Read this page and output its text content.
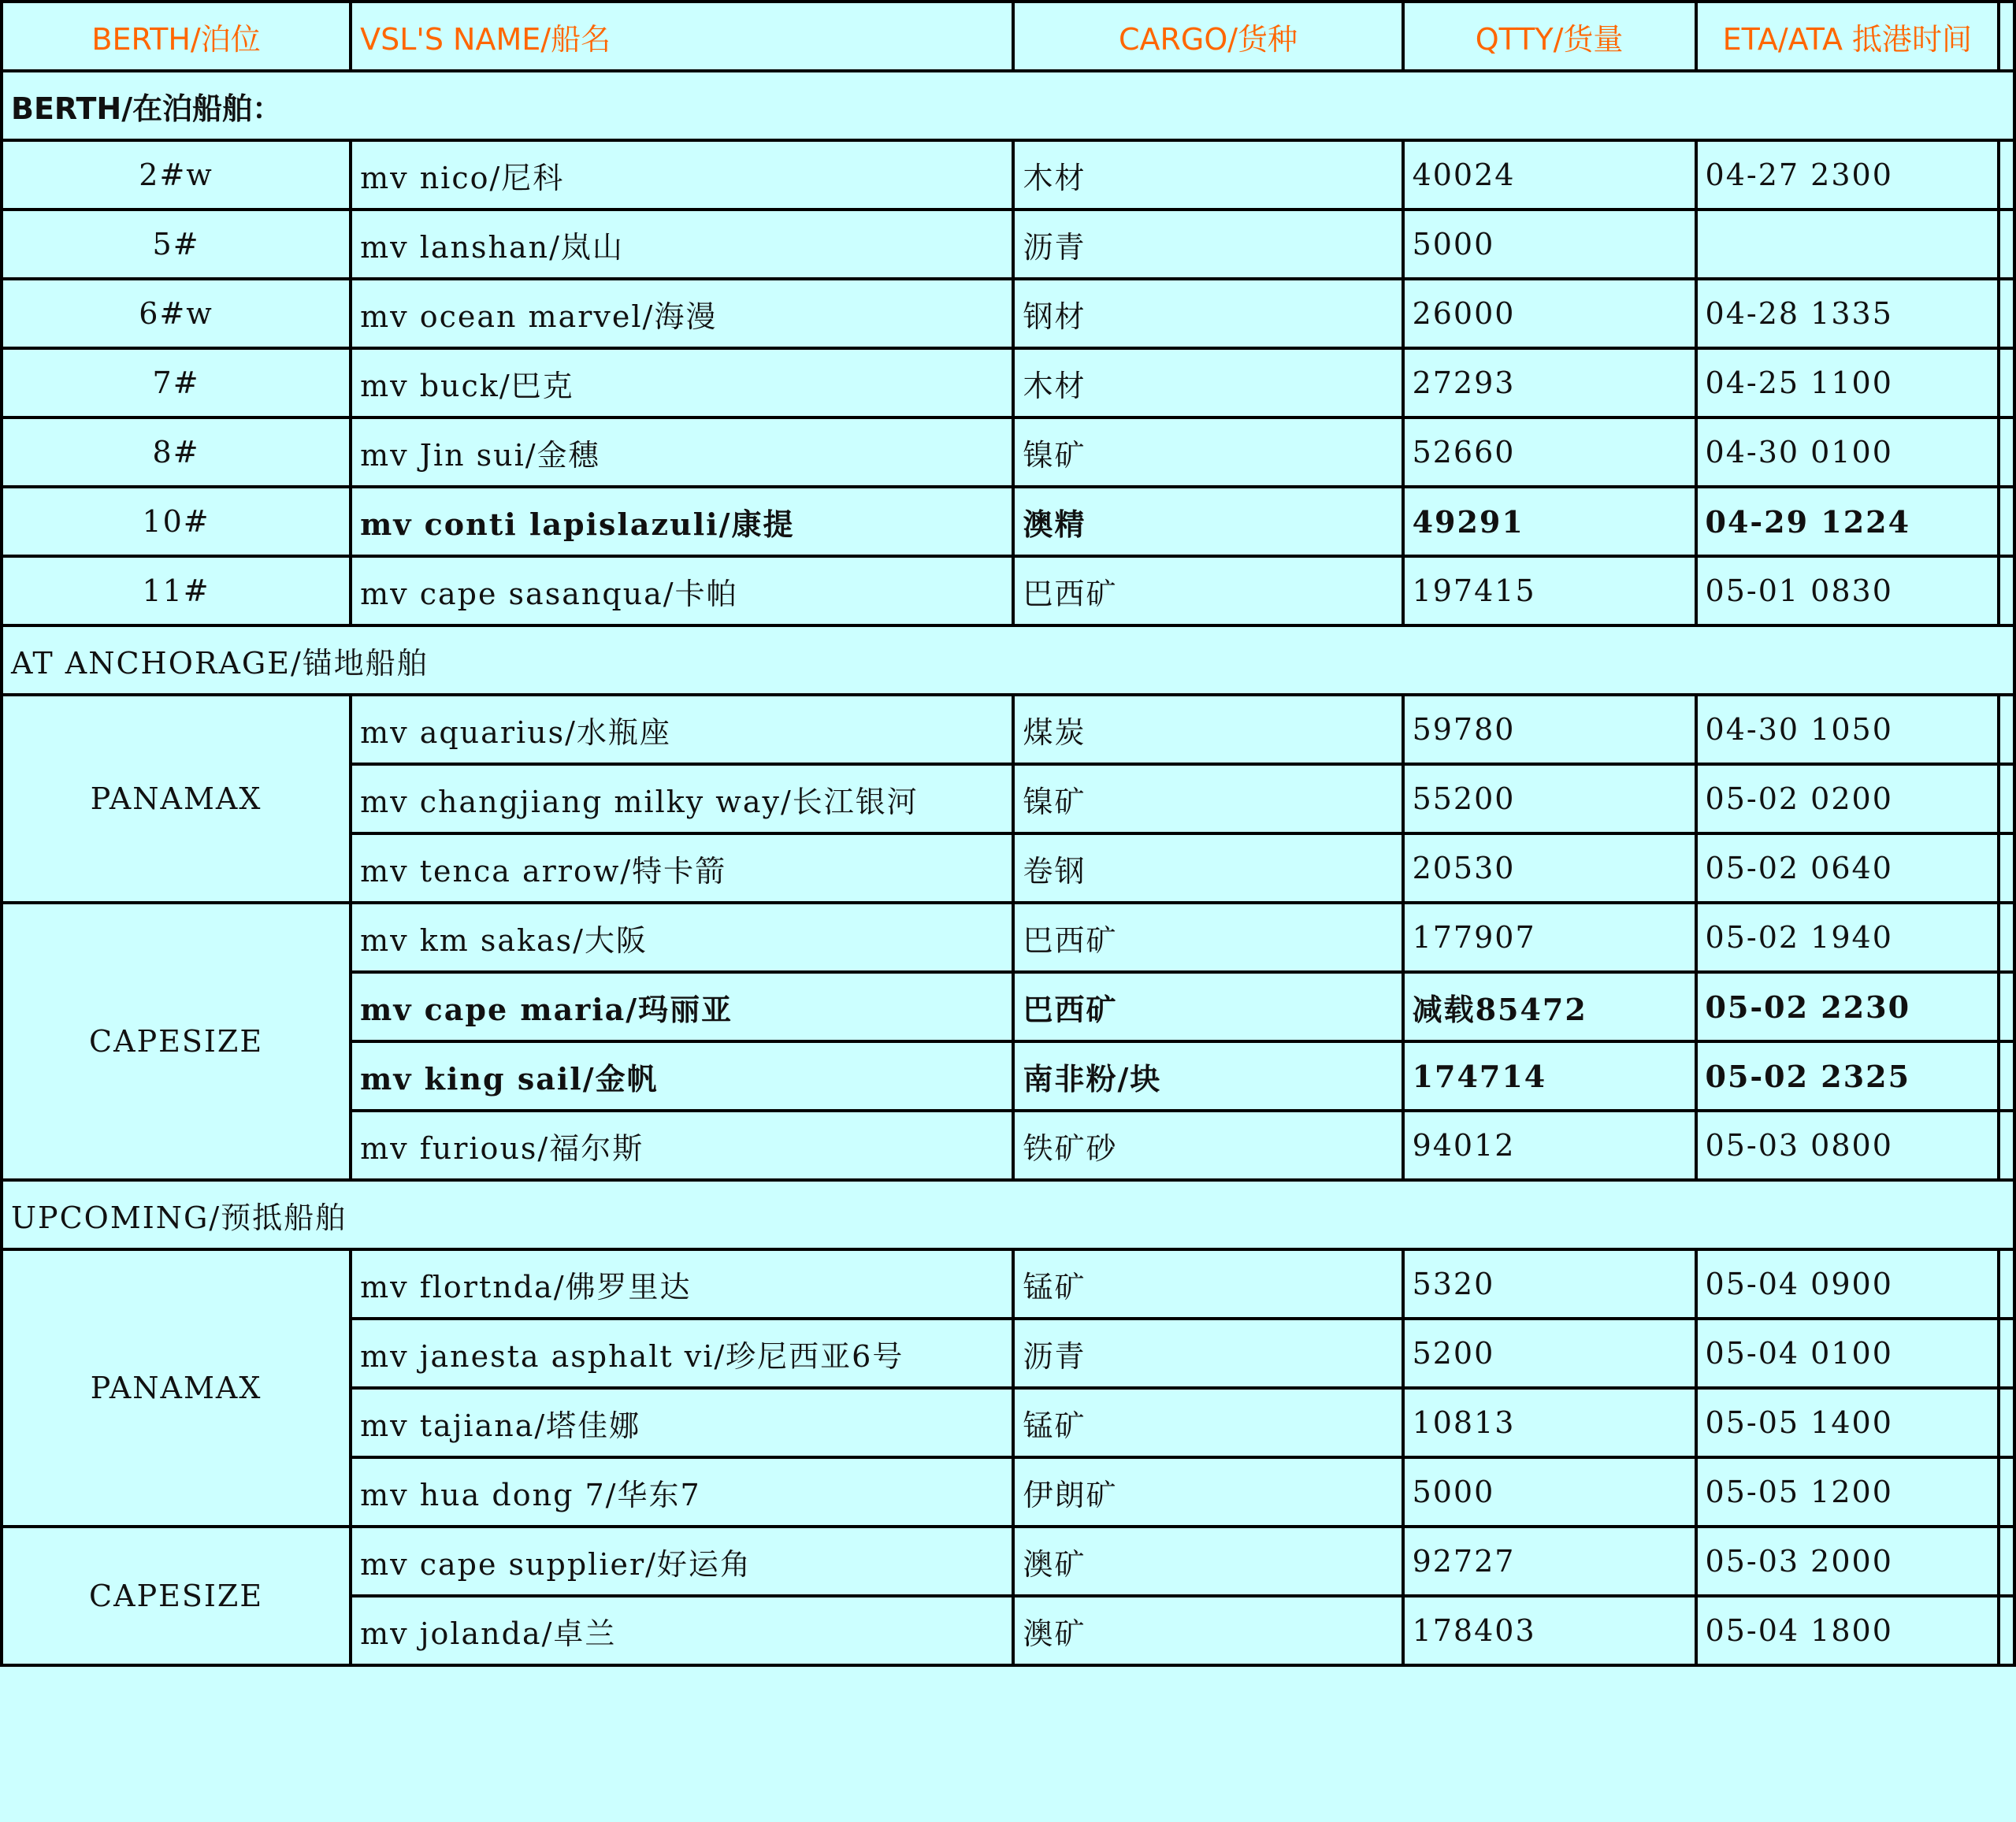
BERTH/泊位	VSL'S NAME/船名	CARGO/货种	QTTY/货量	ETA/ATA 抵港时间	
BERTH/在泊船舶：					
2#w	mv nico/尼科	木材	40024	04-27 2300	
5#	mv lanshan/岚山	沥青	5000		
6#w	mv ocean marvel/海漫	钢材	26000	04-28 1335	
7#	mv buck/巴克	木材	27293	04-25 1100	
8#	mv Jin sui/金穗	镍矿	52660	04-30 0100	
10#	mv conti lapislazuli/康提	澳精	49291	04-29 1224	
11#	mv cape sasanqua/卡帕	巴西矿	197415	05-01 0830	
AT ANCHORAGE/锚地船舶					
PANAMAX	mv aquarius/水瓶座	煤炭	59780	04-30 1050	
	mv changjiang milky way/长江银河	镍矿	55200	05-02 0200	
	mv tenca arrow/特卡箭	卷钢	20530	05-02 0640	
CAPESIZE	mv km sakas/大阪	巴西矿	177907	05-02 1940	
	mv cape maria/玛丽亚	巴西矿	减载85472	05-02 2230	
	mv king sail/金帆	南非粉/块	174714	05-02 2325	
	mv furious/福尔斯	铁矿砂	94012	05-03 0800	
UPCOMING/预抵船舶					
PANAMAX	mv flortnda/佛罗里达	锰矿	5320	05-04 0900	
	mv janesta asphalt vi/珍尼西亚6号	沥青	5200	05-04 0100	
	mv tajiana/塔佳娜	锰矿	10813	05-05 1400	
	mv hua dong 7/华东7	伊朗矿	5000	05-05 1200	
CAPESIZE	mv cape supplier/好运角	澳矿	92727	05-03 2000	
	mv jolanda/卓兰	澳矿	178403	05-04 1800	
